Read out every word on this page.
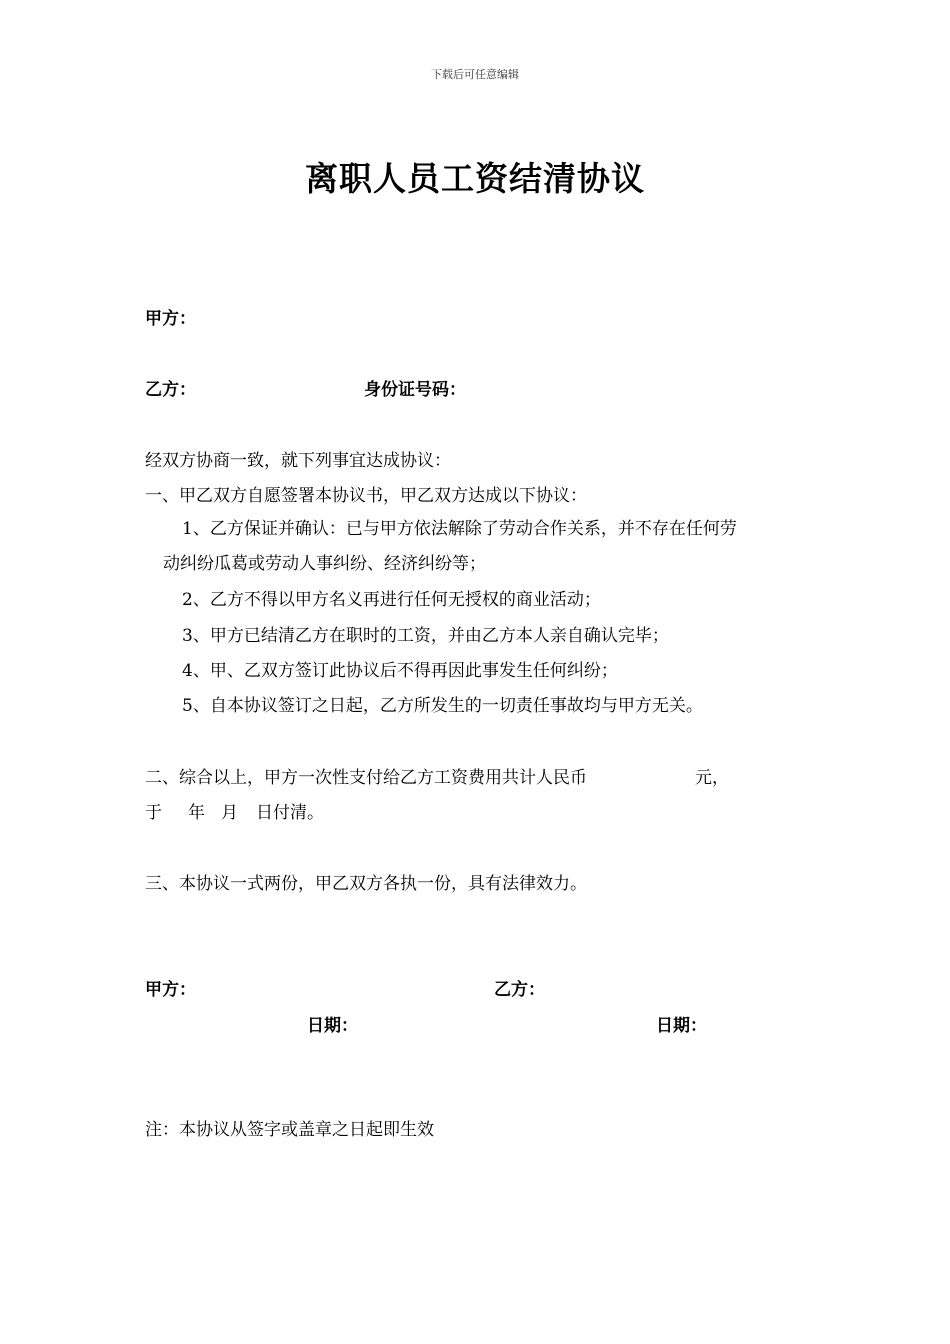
下载后可任意编辑
离职人员工资结清协议
甲方：
乙方：	身份证号码：
经双方协商一致，就下列事宜达成协议：
一、甲乙双方自愿签署本协议书，甲乙双方达成以下协议：
1、乙方保证并确认：已与甲方依法解除了劳动合作关系，并不存在任何劳
动纠纷瓜葛或劳动人事纠纷、经济纠纷等；
2、乙方不得以甲方名义再进行任何无授权的商业活动；
3、甲方已结清乙方在职时的工资，并由乙方本人亲自确认完毕；
4、甲、乙双方签订此协议后不得再因此事发生任何纠纷；
5、自本协议签订之日起，乙方所发生的一切责任事故均与甲方无关。
二、综合以上，甲方一次性支付给乙方工资费用共计人民币	元，
于 年 月 日付清。
三、本协议一式两份，甲乙双方各执一份，具有法律效力。
甲方：	乙方：
日期：	日期：
注：本协议从签字或盖章之日起即生效
